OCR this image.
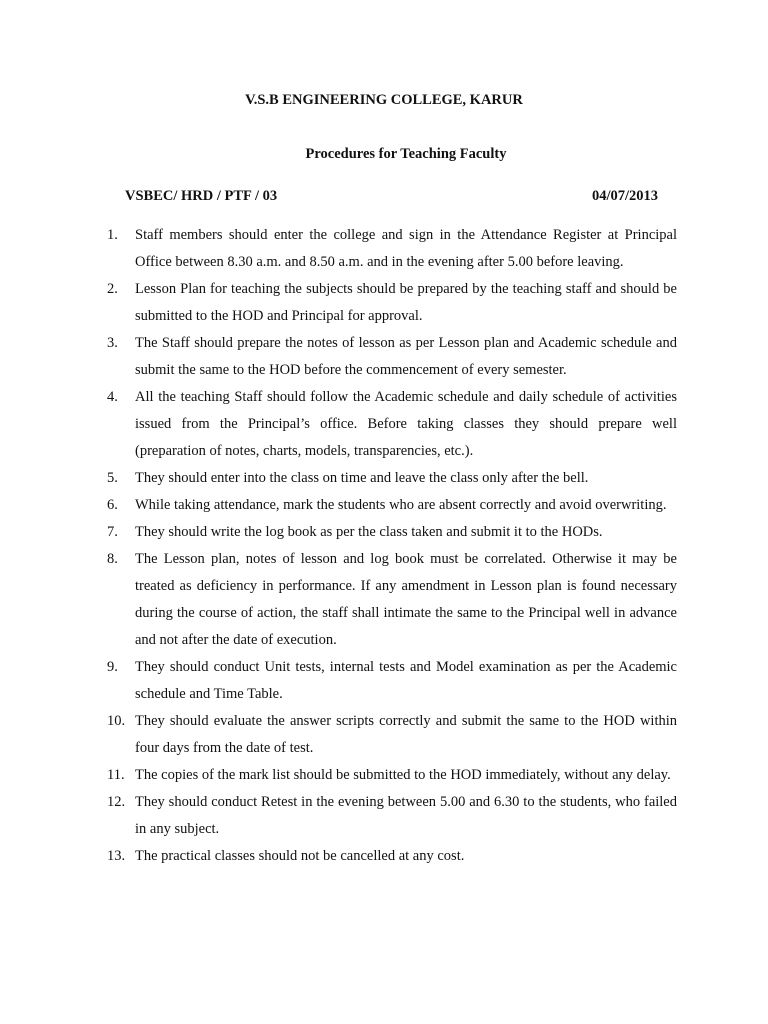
V.S.B ENGINEERING COLLEGE, KARUR
Procedures for Teaching Faculty
VSBEC/ HRD / PTF / 03	04/07/2013
1.	Staff members should enter the college and sign in the Attendance Register at Principal Office between 8.30 a.m. and 8.50 a.m. and in the evening after 5.00 before leaving.
2.	Lesson Plan for teaching the subjects should be prepared by the teaching staff and should be submitted to the HOD and Principal for approval.
3.	The Staff should prepare the notes of lesson as per Lesson plan and Academic schedule and submit the same to the HOD before the commencement of every semester.
4.	All the teaching Staff should follow the Academic schedule and daily schedule of activities issued from the Principal’s office. Before taking classes they should prepare well (preparation of notes, charts, models, transparencies, etc.).
5.	They should enter into the class on time and leave the class only after the bell.
6.	While taking attendance, mark the students who are absent correctly and avoid overwriting.
7.	They should write the log book as per the class taken and submit it to the HODs.
8.	The Lesson plan, notes of lesson and log book must be correlated. Otherwise it may be treated as deficiency in performance. If any amendment in Lesson plan is found necessary during the course of action, the staff shall intimate the same to the Principal well in advance and not after the date of execution.
9.	They should conduct Unit tests, internal tests and Model examination as per the Academic schedule and Time Table.
10. They should evaluate the answer scripts correctly and submit the same to the HOD within four days from the date of test.
11. The copies of the mark list should be submitted to the HOD immediately, without any delay.
12. They should conduct Retest in the evening between 5.00 and 6.30 to the students, who failed in any subject.
13. The practical classes should not be cancelled at any cost.
